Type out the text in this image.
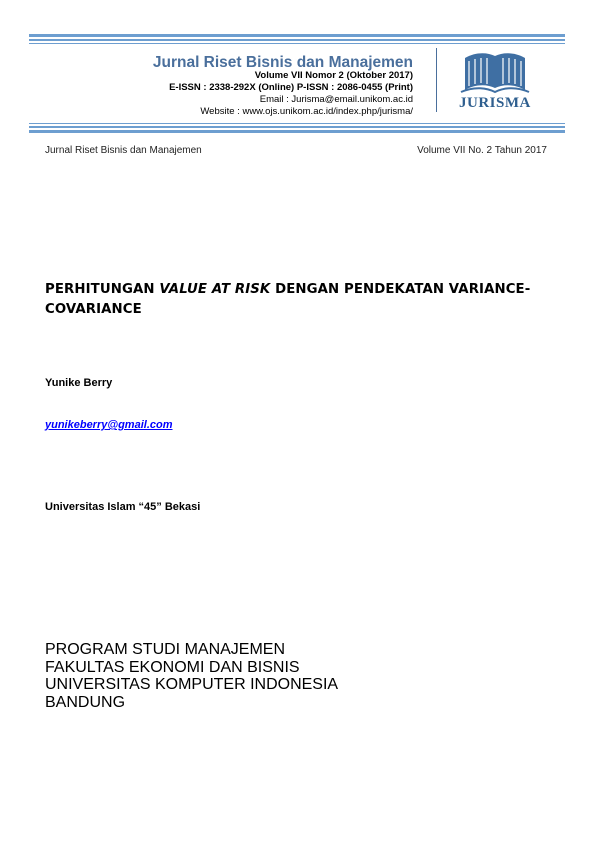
Jurnal Riset Bisnis dan Manajemen
Volume VII Nomor 2 (Oktober 2017)
E-ISSN : 2338-292X (Online) P-ISSN : 2086-0455 (Print)
Email : Jurisma@email.unikom.ac.id
Website : www.ojs.unikom.ac.id/index.php/jurisma/
JURISMA
Jurnal Riset Bisnis dan Manajemen	Volume VII No. 2 Tahun 2017
PERHITUNGAN VALUE AT RISK DENGAN PENDEKATAN VARIANCE-COVARIANCE
Yunike Berry
yunikeberry@gmail.com
Universitas Islam “45” Bekasi
PROGRAM STUDI MANAJEMEN
FAKULTAS EKONOMI DAN BISNIS
UNIVERSITAS KOMPUTER INDONESIA
BANDUNG
